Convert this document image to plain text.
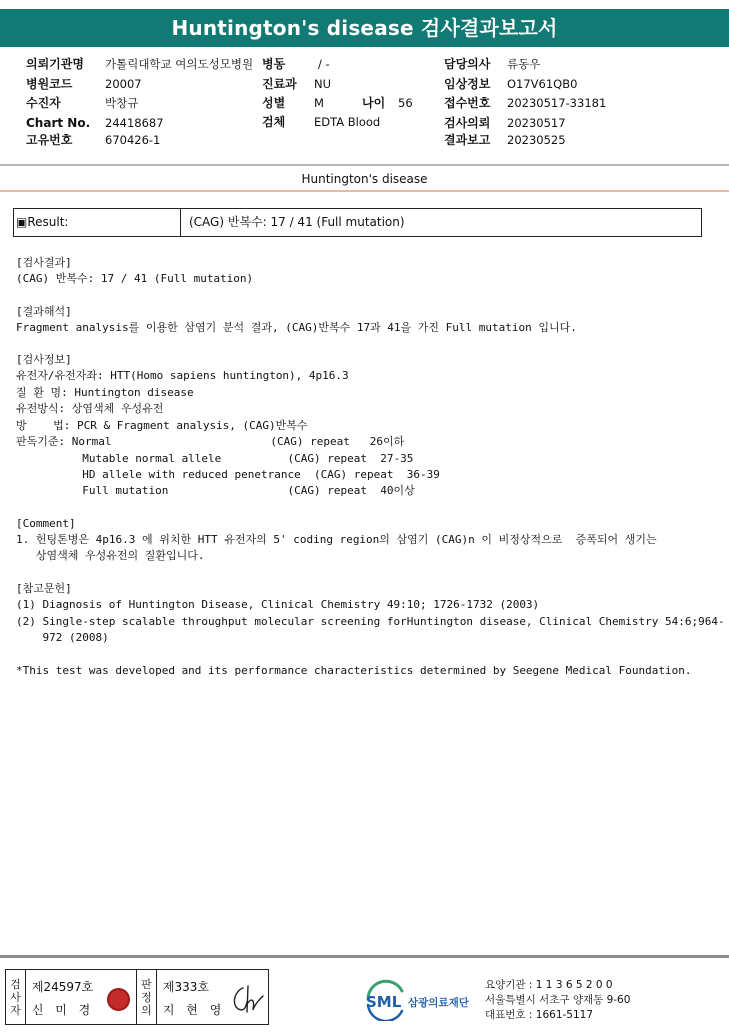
Huntington's disease 검사결과보고서
의뢰기관명 가톨릭대학교 여의도성모병원 병동	/ -	담당의사 류동우
병원코드	20007	진료과 NU	임상정보 O17V61QB0
수진자	박창규	성별	M	나이 56	접수번호 20230517-33181
Chart No. 24418687	검체	EDTA Blood	검사의뢰 20230517
고유번호	670426-1	결과보고 20230525
Huntington's disease
▣Result:	(CAG) 반복수: 17 / 41 (Full mutation)
[검사결과]
(CAG) 반복수: 17 / 41 (Full mutation)
[결과해석]
Fragment analysis를 이용한 삼염기 분석 결과, (CAG)반복수 17과 41을 가진 Full mutation 입니다.
[검사정보]
유전자/유전자좌: HTT(Homo sapiens huntington), 4p16.3
질 환 명: Huntington disease
유전방식: 상염색체 우성유전
방    법: PCR & Fragment analysis, (CAG)반복수
판독기준: Normal                        (CAG) repeat   26이하
Mutable normal allele          (CAG) repeat  27-35
HD allele with reduced penetrance  (CAG) repeat  36-39
Full mutation                  (CAG) repeat  40이상
[Comment]
1. 헌팅톤병은 4p16.3 에 위치한 HTT 유전자의 5' coding region의 삼염기 (CAG)n 이 비정상적으로  증폭되어 생기는
상염색체 우성유전의 질환입니다.
[참고문헌]
(1) Diagnosis of Huntington Disease, Clinical Chemistry 49:10; 1726-1732 (2003)
(2) Single-step scalable throughput molecular screening forHuntington disease, Clinical Chemistry 54:6;964-
972 (2008)
*This test was developed and its performance characteristics determined by Seegene Medical Foundation.
검
사
자
제24597호
신 미 경
판
정
의
제333호
지 현 영	SML 삼광의료재단
요양기관 : 1 1 3 6 5 2 0 0
서울특별시 서초구 양재동 9-60
대표번호 : 1661-5117
